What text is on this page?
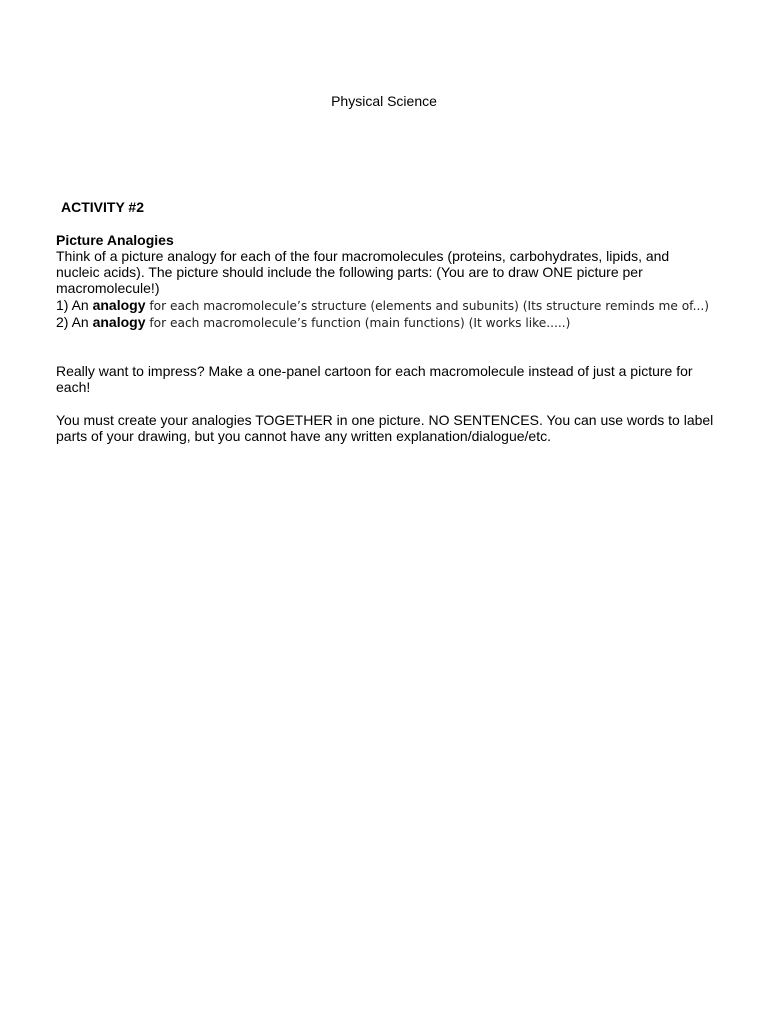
Physical Science
ACTIVITY #2
Picture Analogies

Think of a picture analogy for each of the four macromolecules (proteins, carbohydrates, lipids, and nucleic acids). The picture should include the following parts: (You are to draw ONE picture per macromolecule!)

1) An analogy for each macromolecule’s structure (elements and subunits) (Its structure reminds me of...)
2) An analogy for each macromolecule’s function (main functions) (It works like.....)

Really want to impress? Make a one-panel cartoon for each macromolecule instead of just a picture for each!

You must create your analogies TOGETHER in one picture. NO SENTENCES. You can use words to label parts of your drawing, but you cannot have any written explanation/dialogue/etc.
